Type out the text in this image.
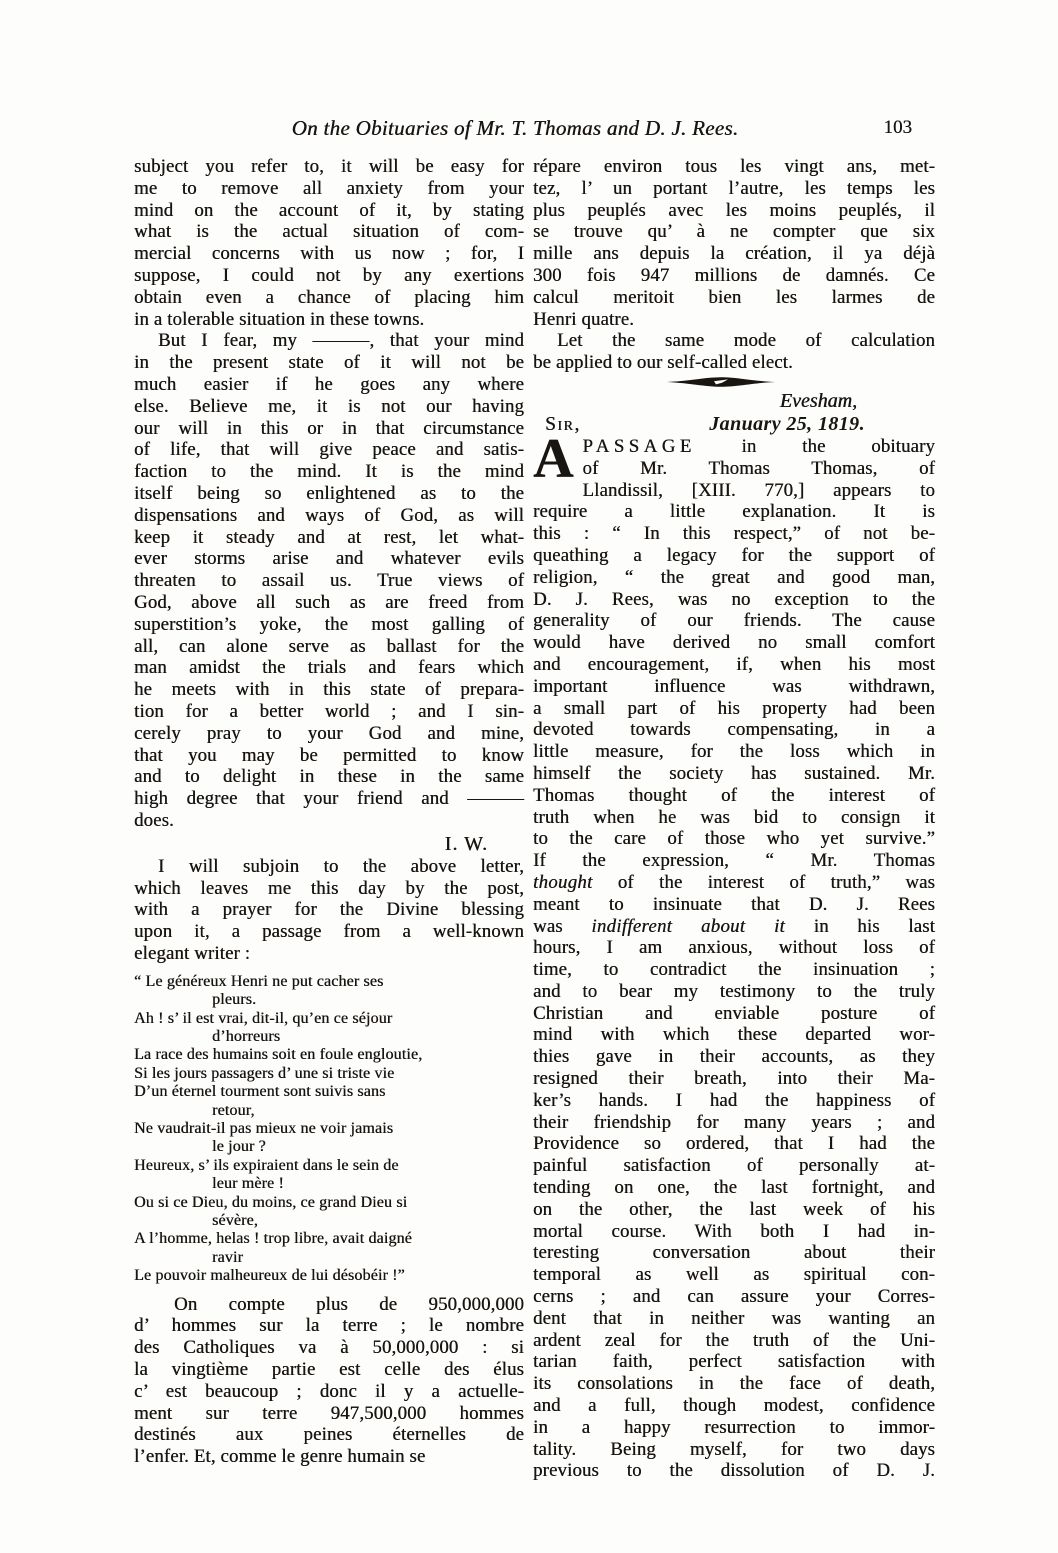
On the Obituaries of Mr. T. Thomas and D. J. Rees.	103
subject you refer to, it will be easy for
me to remove all anxiety from your
mind on the account of it, by stating
what is the actual situation of com-
mercial concerns with us now ; for, I
suppose, I could not by any exertions
obtain even a chance of placing him
in a tolerable situation in these towns.
But I fear, my ———, that your mind
in the present state of it will not be
much easier if he goes any where
else. Believe me, it is not our having
our will in this or in that circumstance
of life, that will give peace and satis-
faction to the mind. It is the mind
itself being so enlightened as to the
dispensations and ways of God, as will
keep it steady and at rest, let what-
ever storms arise and whatever evils
threaten to assail us. True views of
God, above all such as are freed from
superstition’s yoke, the most galling of
all, can alone serve as ballast for the
man amidst the trials and fears which
he meets with in this state of prepara-
tion for a better world ; and I sin-
cerely pray to your God and mine,
that you may be permitted to know
and to delight in these in the same
high degree that your friend and ———
does.
I. W.
I will subjoin to the above letter,
which leaves me this day by the post,
with a prayer for the Divine blessing
upon it, a passage from a well-known
elegant writer :
“ Le généreux Henri ne put cacher ses
pleurs.
Ah ! s’ il est vrai, dit-il, qu’en ce séjour
d’horreurs
La race des humains soit en foule engloutie,
Si les jours passagers d’ une si triste vie
D’un éternel tourment sont suivis sans
retour,
Ne vaudrait-il pas mieux ne voir jamais
le jour ?
Heureux, s’ ils expiraient dans le sein de
leur mère !
Ou si ce Dieu, du moins, ce grand Dieu si
sévère,
A l’homme, helas ! trop libre, avait daigné
ravir
Le pouvoir malheureux de lui désobéir !”
On compte plus de 950,000,000
d’ hommes sur la terre ; le nombre
des Catholiques va à 50,000,000 : si
la vingtième partie est celle des élus
c’ est beaucoup ; donc il y a actuelle-
ment sur terre 947,500,000 hommes
destinés aux peines éternelles de
l’enfer. Et, comme le genre humain se
répare environ tous les vingt ans, met-
tez, l’ un portant l’autre, les temps les
plus peuplés avec les moins peuplés, il
se trouve qu’ à ne compter que six
mille ans depuis la création, il ya déjà
300 fois 947 millions de damnés. Ce
calcul meritoit bien les larmes de
Henri quatre.
Let the same mode of calculation
be applied to our self-called elect.
Evesham,
Sir,	January 25, 1819.
A PASSAGE in the obituary
of Mr. Thomas Thomas, of
Llandissil, [XIII. 770,] appears to
require a little explanation. It is
this : “ In this respect,” of not be-
queathing a legacy for the support of
religion, “ the great and good man,
D. J. Rees, was no exception to the
generality of our friends. The cause
would have derived no small comfort
and encouragement, if, when his most
important influence was withdrawn,
a small part of his property had been
devoted towards compensating, in a
little measure, for the loss which in
himself the society has sustained. Mr.
Thomas thought of the interest of
truth when he was bid to consign it
to the care of those who yet survive.”
If the expression, “ Mr. Thomas
thought of the interest of truth,” was
meant to insinuate that D. J. Rees
was indifferent about it in his last
hours, I am anxious, without loss of
time, to contradict the insinuation ;
and to bear my testimony to the truly
Christian and enviable posture of
mind with which these departed wor-
thies gave in their accounts, as they
resigned their breath, into their Ma-
ker’s hands. I had the happiness of
their friendship for many years ; and
Providence so ordered, that I had the
painful satisfaction of personally at-
tending on one, the last fortnight, and
on the other, the last week of his
mortal course. With both I had in-
teresting conversation about their
temporal as well as spiritual con-
cerns ; and can assure your Corres-
dent that in neither was wanting an
ardent zeal for the truth of the Uni-
tarian faith, perfect satisfaction with
its consolations in the face of death,
and a full, though modest, confidence
in a happy resurrection to immor-
tality. Being myself, for two days
previous to the dissolution of D. J.
